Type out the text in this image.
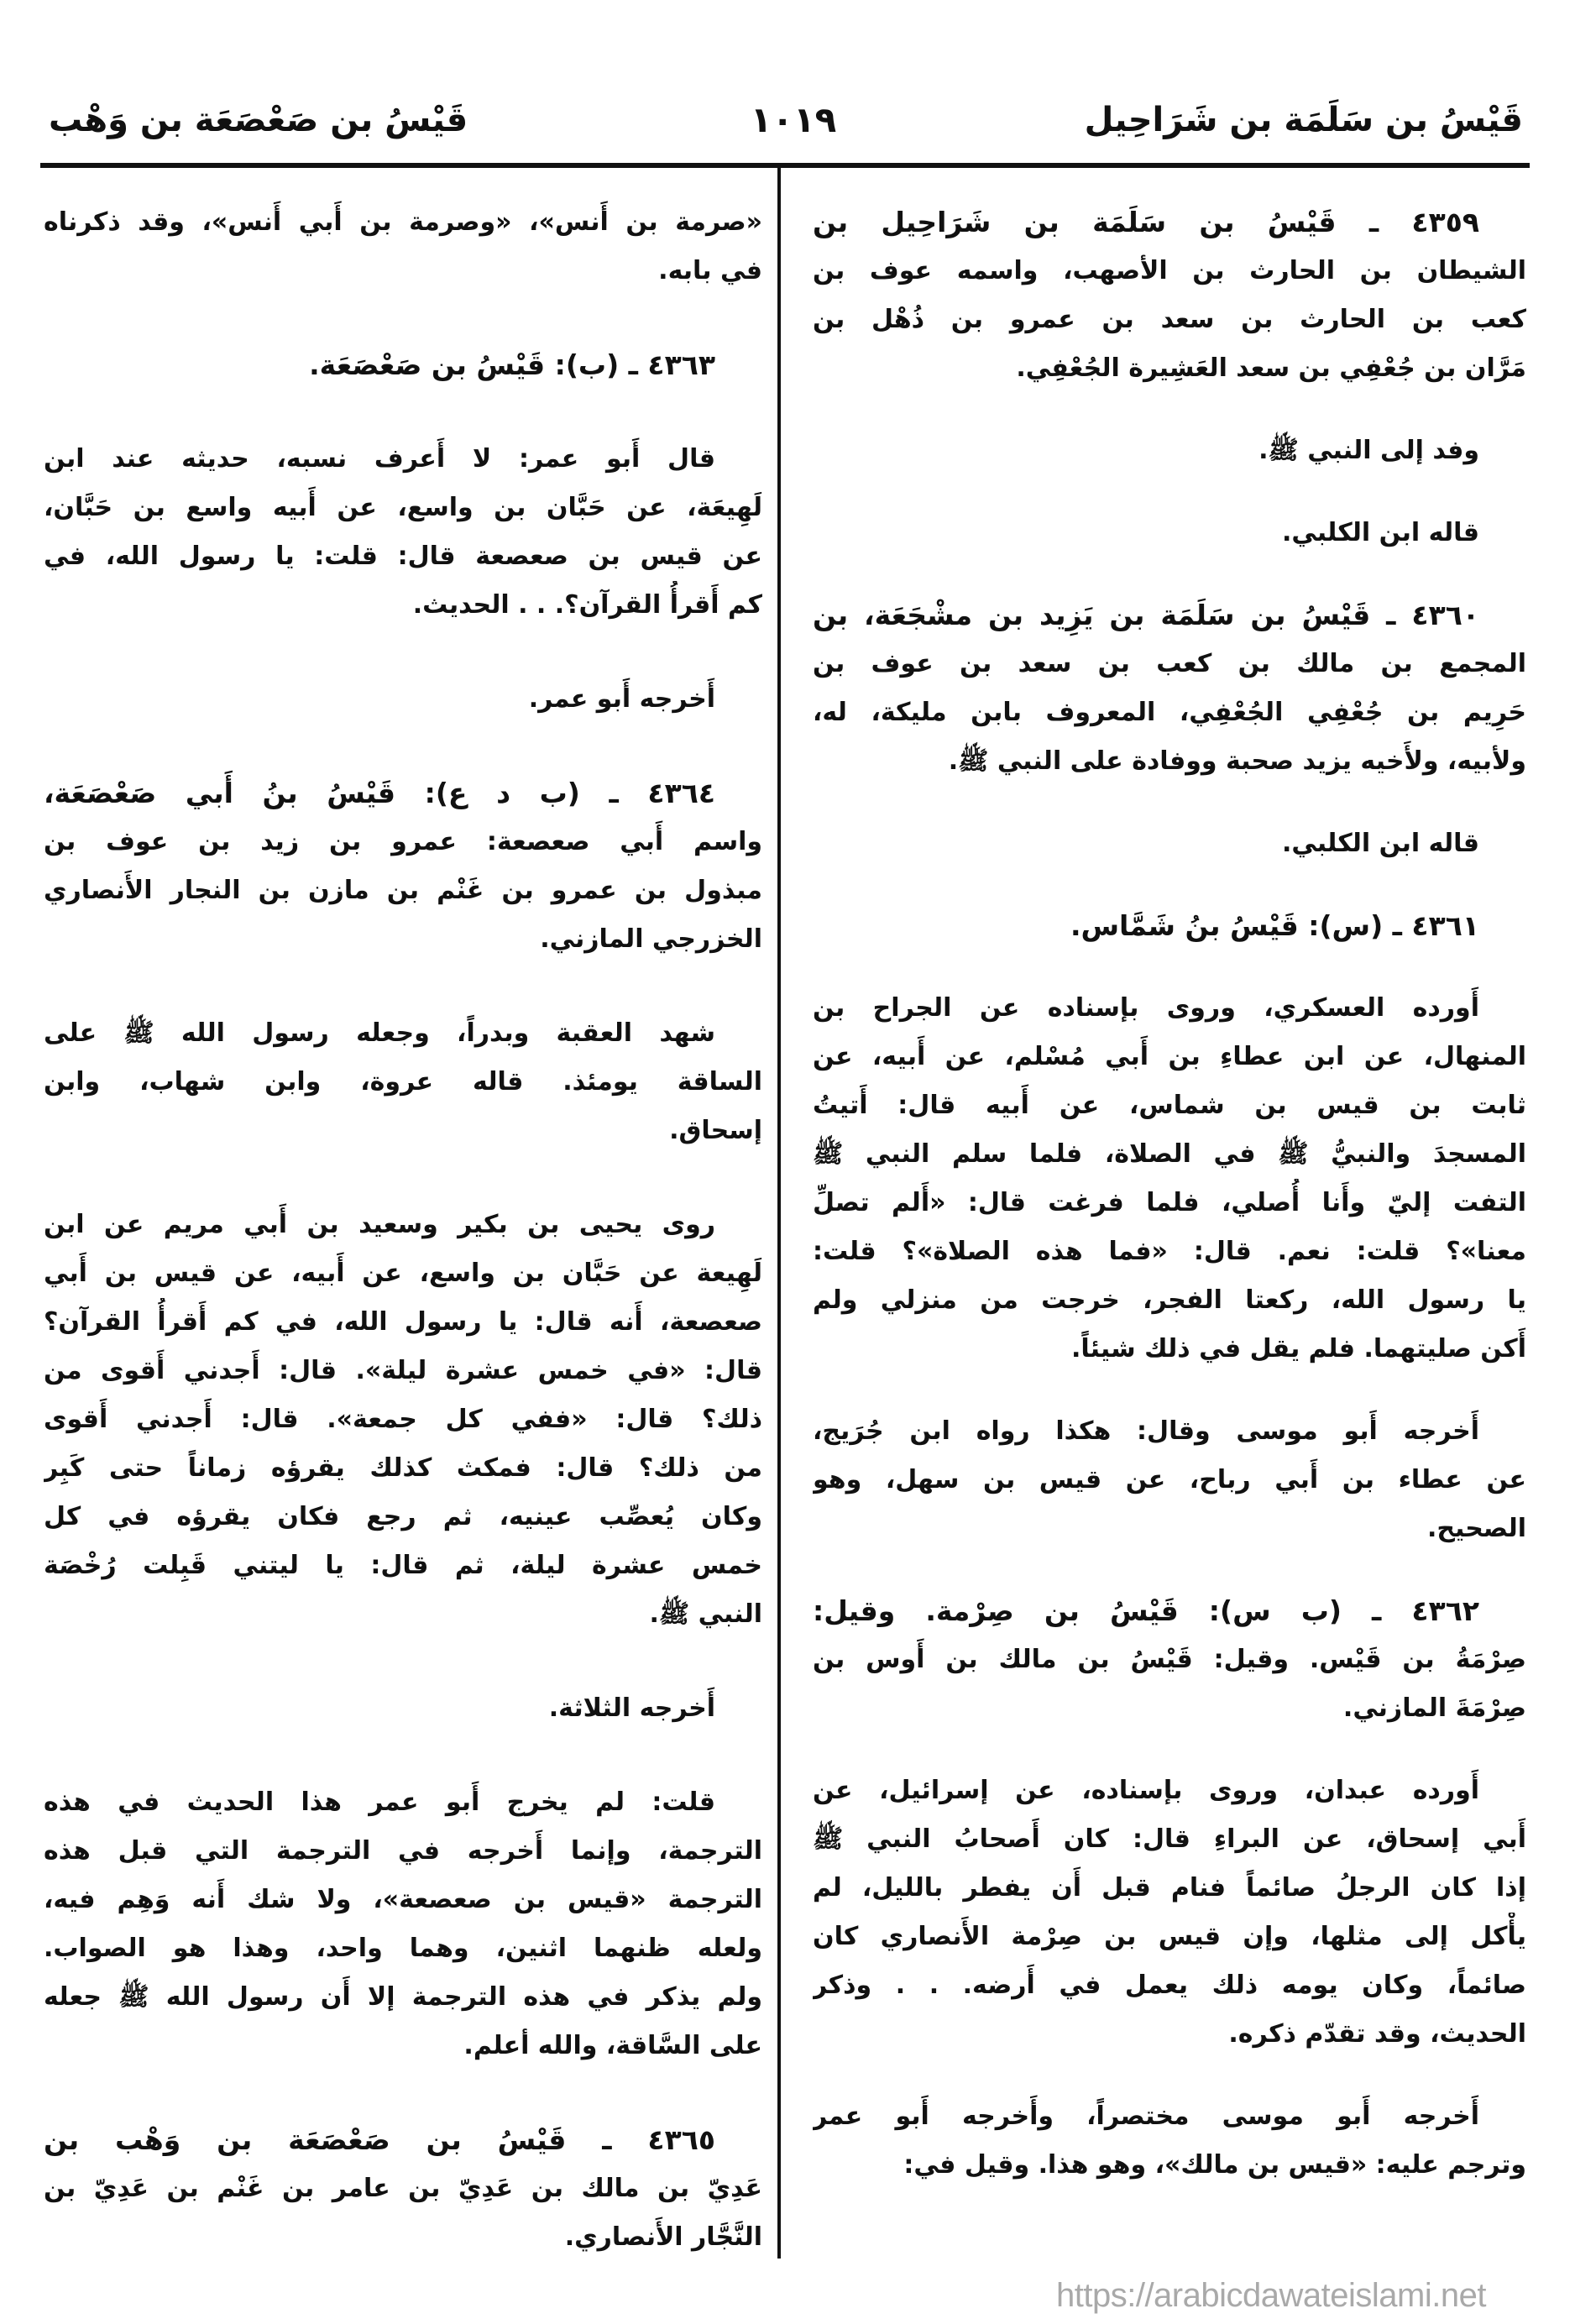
قَيْسُ بن سَلَمَة بن شَرَاحِيل
١٠١٩
قَيْسُ بن صَعْصَعَة بن وَهْب
٤٣٥٩ ـ قَيْسُ بن سَلَمَة بن شَرَاحِيل بن
الشيطان بن الحارث بن الأصهب، واسمه عوف بن
كعب بن الحارث بن سعد بن عمرو بن ذُهْل بن
مَرَّان بن جُعْفِي بن سعد العَشِيرة الجُعْفِي.
وفد إلى النبي ﷺ.
قاله ابن الكلبي.
٤٣٦٠ ـ قَيْسُ بن سَلَمَة بن يَزِيد بن مشْجَعَة، بن
المجمع بن مالك بن كعب بن سعد بن عوف بن
حَرِيم بن جُعْفِي الجُعْفِي، المعروف بابن مليكة، له،
ولأبيه، ولأَخيه يزيد صحبة ووفادة على النبي ﷺ.
قاله ابن الكلبي.
٤٣٦١ ـ (س): قَيْسُ بنُ شَمَّاس.
أَورده العسكري، وروى بإسناده عن الجراح بن
المنهال، عن ابن عطاءِ بن أَبي مُسْلم، عن أَبيه، عن
ثابت بن قيس بن شماس، عن أَبيه قال: أَتيتُ
المسجدَ والنبيُّ ﷺ في الصلاة، فلما سلم النبي ﷺ
التفت إليّ وأَنا أُصلي، فلما فرغت قال: «أَلم تصلِّ
معنا»؟ قلت: نعم. قال: «فما هذه الصلاة»؟ قلت:
يا رسول الله، ركعتا الفجر، خرجت من منزلي ولم
أَكن صليتهما. فلم يقل في ذلك شيئاً.
أَخرجه أَبو موسى وقال: هكذا رواه ابن جُرَيج،
عن عطاء بن أَبي رباح، عن قيس بن سهل، وهو
الصحيح.
٤٣٦٢ ـ (ب س): قَيْسُ بن صِرْمة. وقيل:
صِرْمَةُ بن قَيْس. وقيل: قَيْسُ بن مالك بن أَوس بن
صِرْمَةَ المازني.
أَورده عبدان، وروى بإسناده، عن إسرائيل، عن
أَبي إسحاق، عن البراءِ قال: كان أَصحابُ النبي ﷺ
إذا كان الرجلُ صائماً فنام قبل أَن يفطر بالليل، لم
يأْكل إلى مثلها، وإن قيس بن صِرْمة الأَنصاري كان
صائماً، وكان يومه ذلك يعمل في أَرضه. . . وذكر
الحديث، وقد تقدّم ذكره.
أَخرجه أَبو موسى مختصراً، وأَخرجه أَبو عمر
وترجم عليه: «قيس بن مالك»، وهو هذا. وقيل في:
«صرمة بن أَنس»، «وصرمة بن أَبي أَنس»، وقد ذكرناه
في بابه.
٤٣٦٣ ـ (ب): قَيْسُ بن صَعْصَعَة.
قال أَبو عمر: لا أَعرف نسبه، حديثه عند ابن
لَهِيعَة، عن حَبَّان بن واسع، عن أَبيه واسع بن حَبَّان،
عن قيس بن صعصعة قال: قلت: يا رسول الله، في
كم أَقرأُ القرآن؟. . . الحديث.
أَخرجه أَبو عمر.
٤٣٦٤ ـ (ب د ع): قَيْسُ بنُ أَبي صَعْصَعَة،
واسم أَبي صعصعة: عمرو بن زيد بن عوف بن
مبذول بن عمرو بن غَنْم بن مازن بن النجار الأَنصاري
الخزرجي المازني.
شهد العقبة وبدراً، وجعله رسول الله ﷺ على
الساقة يومئذ. قاله عروة، وابن شهاب، وابن
إسحاق.
روى يحيى بن بكير وسعيد بن أَبي مريم عن ابن
لَهِيعة عن حَبَّان بن واسع، عن أَبيه، عن قيس بن أَبي
صعصعة، أَنه قال: يا رسول الله، في كم أَقرأُ القرآن؟
قال: «في خمس عشرة ليلة». قال: أَجدني أَقوى من
ذلك؟ قال: «ففي كل جمعة». قال: أَجدني أَقوى
من ذلك؟ قال: فمكث كذلك يقرؤه زماناً حتى كَبِر
وكان يُعصِّب عينيه، ثم رجع فكان يقرؤه في كل
خمس عشرة ليلة، ثم قال: يا ليتني قَبِلت رُخْصَة
النبي ﷺ.
أَخرجه الثلاثة.
قلت: لم يخرج أَبو عمر هذا الحديث في هذه
الترجمة، وإنما أَخرجه في الترجمة التي قبل هذه
الترجمة «قيس بن صعصعة»، ولا شك أَنه وَهِم فيه،
ولعله ظنهما اثنين، وهما واحد، وهذا هو الصواب.
ولم يذكر في هذه الترجمة إلا أَن رسول الله ﷺ جعله
على السَّاقة، والله أعلم.
٤٣٦٥ ـ قَيْسُ بن صَعْصَعَة بن وَهْب بن
عَدِيّ بن مالك بن عَدِيّ بن عامر بن غَنْم بن عَدِيّ بن
النَّجَّار الأَنصاري.
https://arabicdawateislami.net
